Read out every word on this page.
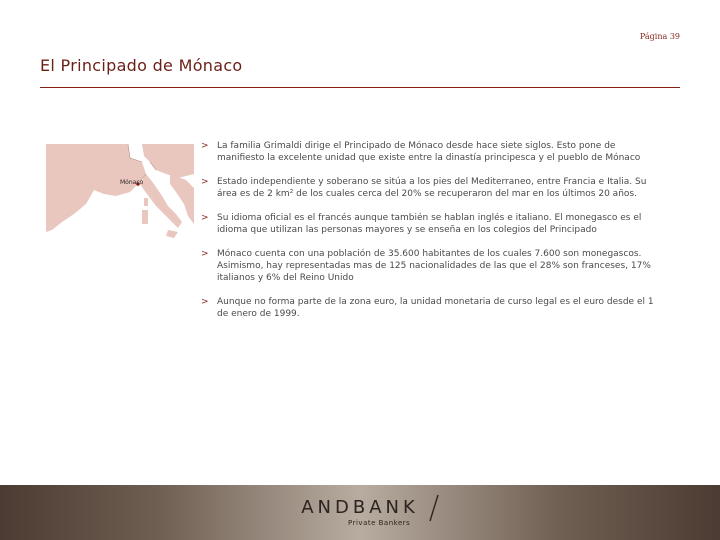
Página 39
El Principado de Mónaco
Mónaco
> La familia Grimaldi dirige el Principado de Mónaco desde hace siete siglos. Esto pone de manifiesto la excelente unidad que existe entre la dinastía principesca y el pueblo de Mónaco
> Estado independiente y soberano se sitúa a los pies del Mediterraneo, entre Francia e Italia. Su área es de 2 km² de los cuales cerca del 20% se recuperaron del mar en los últimos 20 años.
> Su idioma oficial es el francés aunque también se hablan inglés e italiano. El monegasco es el idioma que utilizan las personas mayores y se enseña en los colegios del Principado
> Mónaco cuenta con una población de 35.600 habitantes de los cuales 7.600 son monegascos. Asimismo, hay representadas mas de 125 nacionalidades de las que el 28% son franceses, 17% italianos y 6% del Reino Unido
> Aunque no forma parte de la zona euro, la unidad monetaria de curso legal es el euro desde el 1 de enero de 1999.
ANDBANK
Private Bankers
